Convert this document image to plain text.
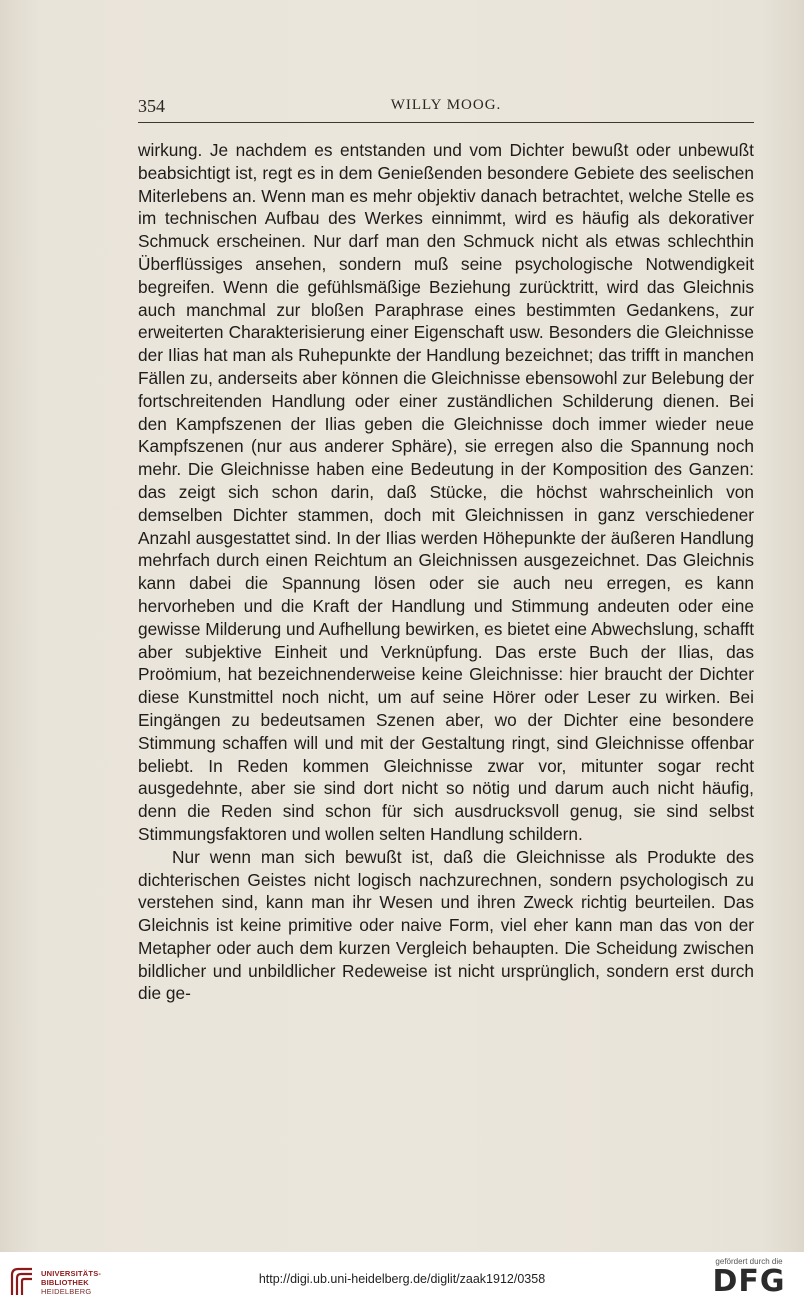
354	WILLY MOOG.

wirkung. Je nachdem es entstanden und vom Dichter bewußt oder unbewußt beabsichtigt ist, regt es in dem Genießenden besondere Gebiete des seelischen Miterlebens an. Wenn man es mehr objektiv danach betrachtet, welche Stelle es im technischen Aufbau des Werkes einnimmt, wird es häufig als dekorativer Schmuck erscheinen. Nur darf man den Schmuck nicht als etwas schlechthin Überflüssiges ansehen, sondern muß seine psychologische Notwendigkeit begreifen. Wenn die gefühlsmäßige Beziehung zurücktritt, wird das Gleichnis auch manchmal zur bloßen Paraphrase eines bestimmten Gedankens, zur erweiterten Charakterisierung einer Eigenschaft usw. Besonders die Gleichnisse der Ilias hat man als Ruhepunkte der Handlung bezeichnet; das trifft in manchen Fällen zu, anderseits aber können die Gleichnisse ebensowohl zur Belebung der fortschreitenden Handlung oder einer zuständlichen Schilderung dienen. Bei den Kampfszenen der Ilias geben die Gleichnisse doch immer wieder neue Kampfszenen (nur aus anderer Sphäre), sie erregen also die Spannung noch mehr. Die Gleichnisse haben eine Bedeutung in der Komposition des Ganzen: das zeigt sich schon darin, daß Stücke, die höchst wahrscheinlich von demselben Dichter stammen, doch mit Gleichnissen in ganz verschiedener Anzahl ausgestattet sind. In der Ilias werden Höhepunkte der äußeren Handlung mehrfach durch einen Reichtum an Gleichnissen ausgezeichnet. Das Gleichnis kann dabei die Spannung lösen oder sie auch neu erregen, es kann hervorheben und die Kraft der Handlung und Stimmung andeuten oder eine gewisse Milderung und Aufhellung bewirken, es bietet eine Abwechslung, schafft aber subjektive Einheit und Verknüpfung. Das erste Buch der Ilias, das Proömium, hat bezeichnenderweise keine Gleichnisse: hier braucht der Dichter diese Kunstmittel noch nicht, um auf seine Hörer oder Leser zu wirken. Bei Eingängen zu bedeutsamen Szenen aber, wo der Dichter eine besondere Stimmung schaffen will und mit der Gestaltung ringt, sind Gleichnisse offenbar beliebt. In Reden kommen Gleichnisse zwar vor, mitunter sogar recht ausgedehnte, aber sie sind dort nicht so nötig und darum auch nicht häufig, denn die Reden sind schon für sich ausdrucksvoll genug, sie sind selbst Stimmungsfaktoren und wollen selten Handlung schildern.

Nur wenn man sich bewußt ist, daß die Gleichnisse als Produkte des dichterischen Geistes nicht logisch nachzurechnen, sondern psychologisch zu verstehen sind, kann man ihr Wesen und ihren Zweck richtig beurteilen. Das Gleichnis ist keine primitive oder naive Form, viel eher kann man das von der Metapher oder auch dem kurzen Vergleich behaupten. Die Scheidung zwischen bildlicher und unbildlicher Redeweise ist nicht ursprünglich, sondern erst durch die ge-

UNIVERSITÄTS-
BIBLIOTHEK
HEIDELBERG
http://digi.ub.uni-heidelberg.de/diglit/zaak1912/0358
gefördert durch die
DFG
